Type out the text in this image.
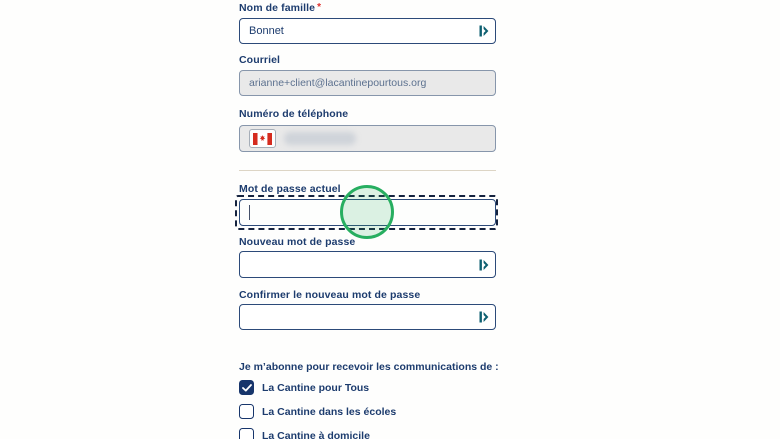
Nom de famille *
Bonnet
Courriel
arianne+client@lacantinepourtous.org
Numéro de téléphone
Mot de passe actuel
Nouveau mot de passe
Confirmer le nouveau mot de passe
Je m’abonne pour recevoir les communications de :
La Cantine pour Tous
La Cantine dans les écoles
La Cantine à domicile
